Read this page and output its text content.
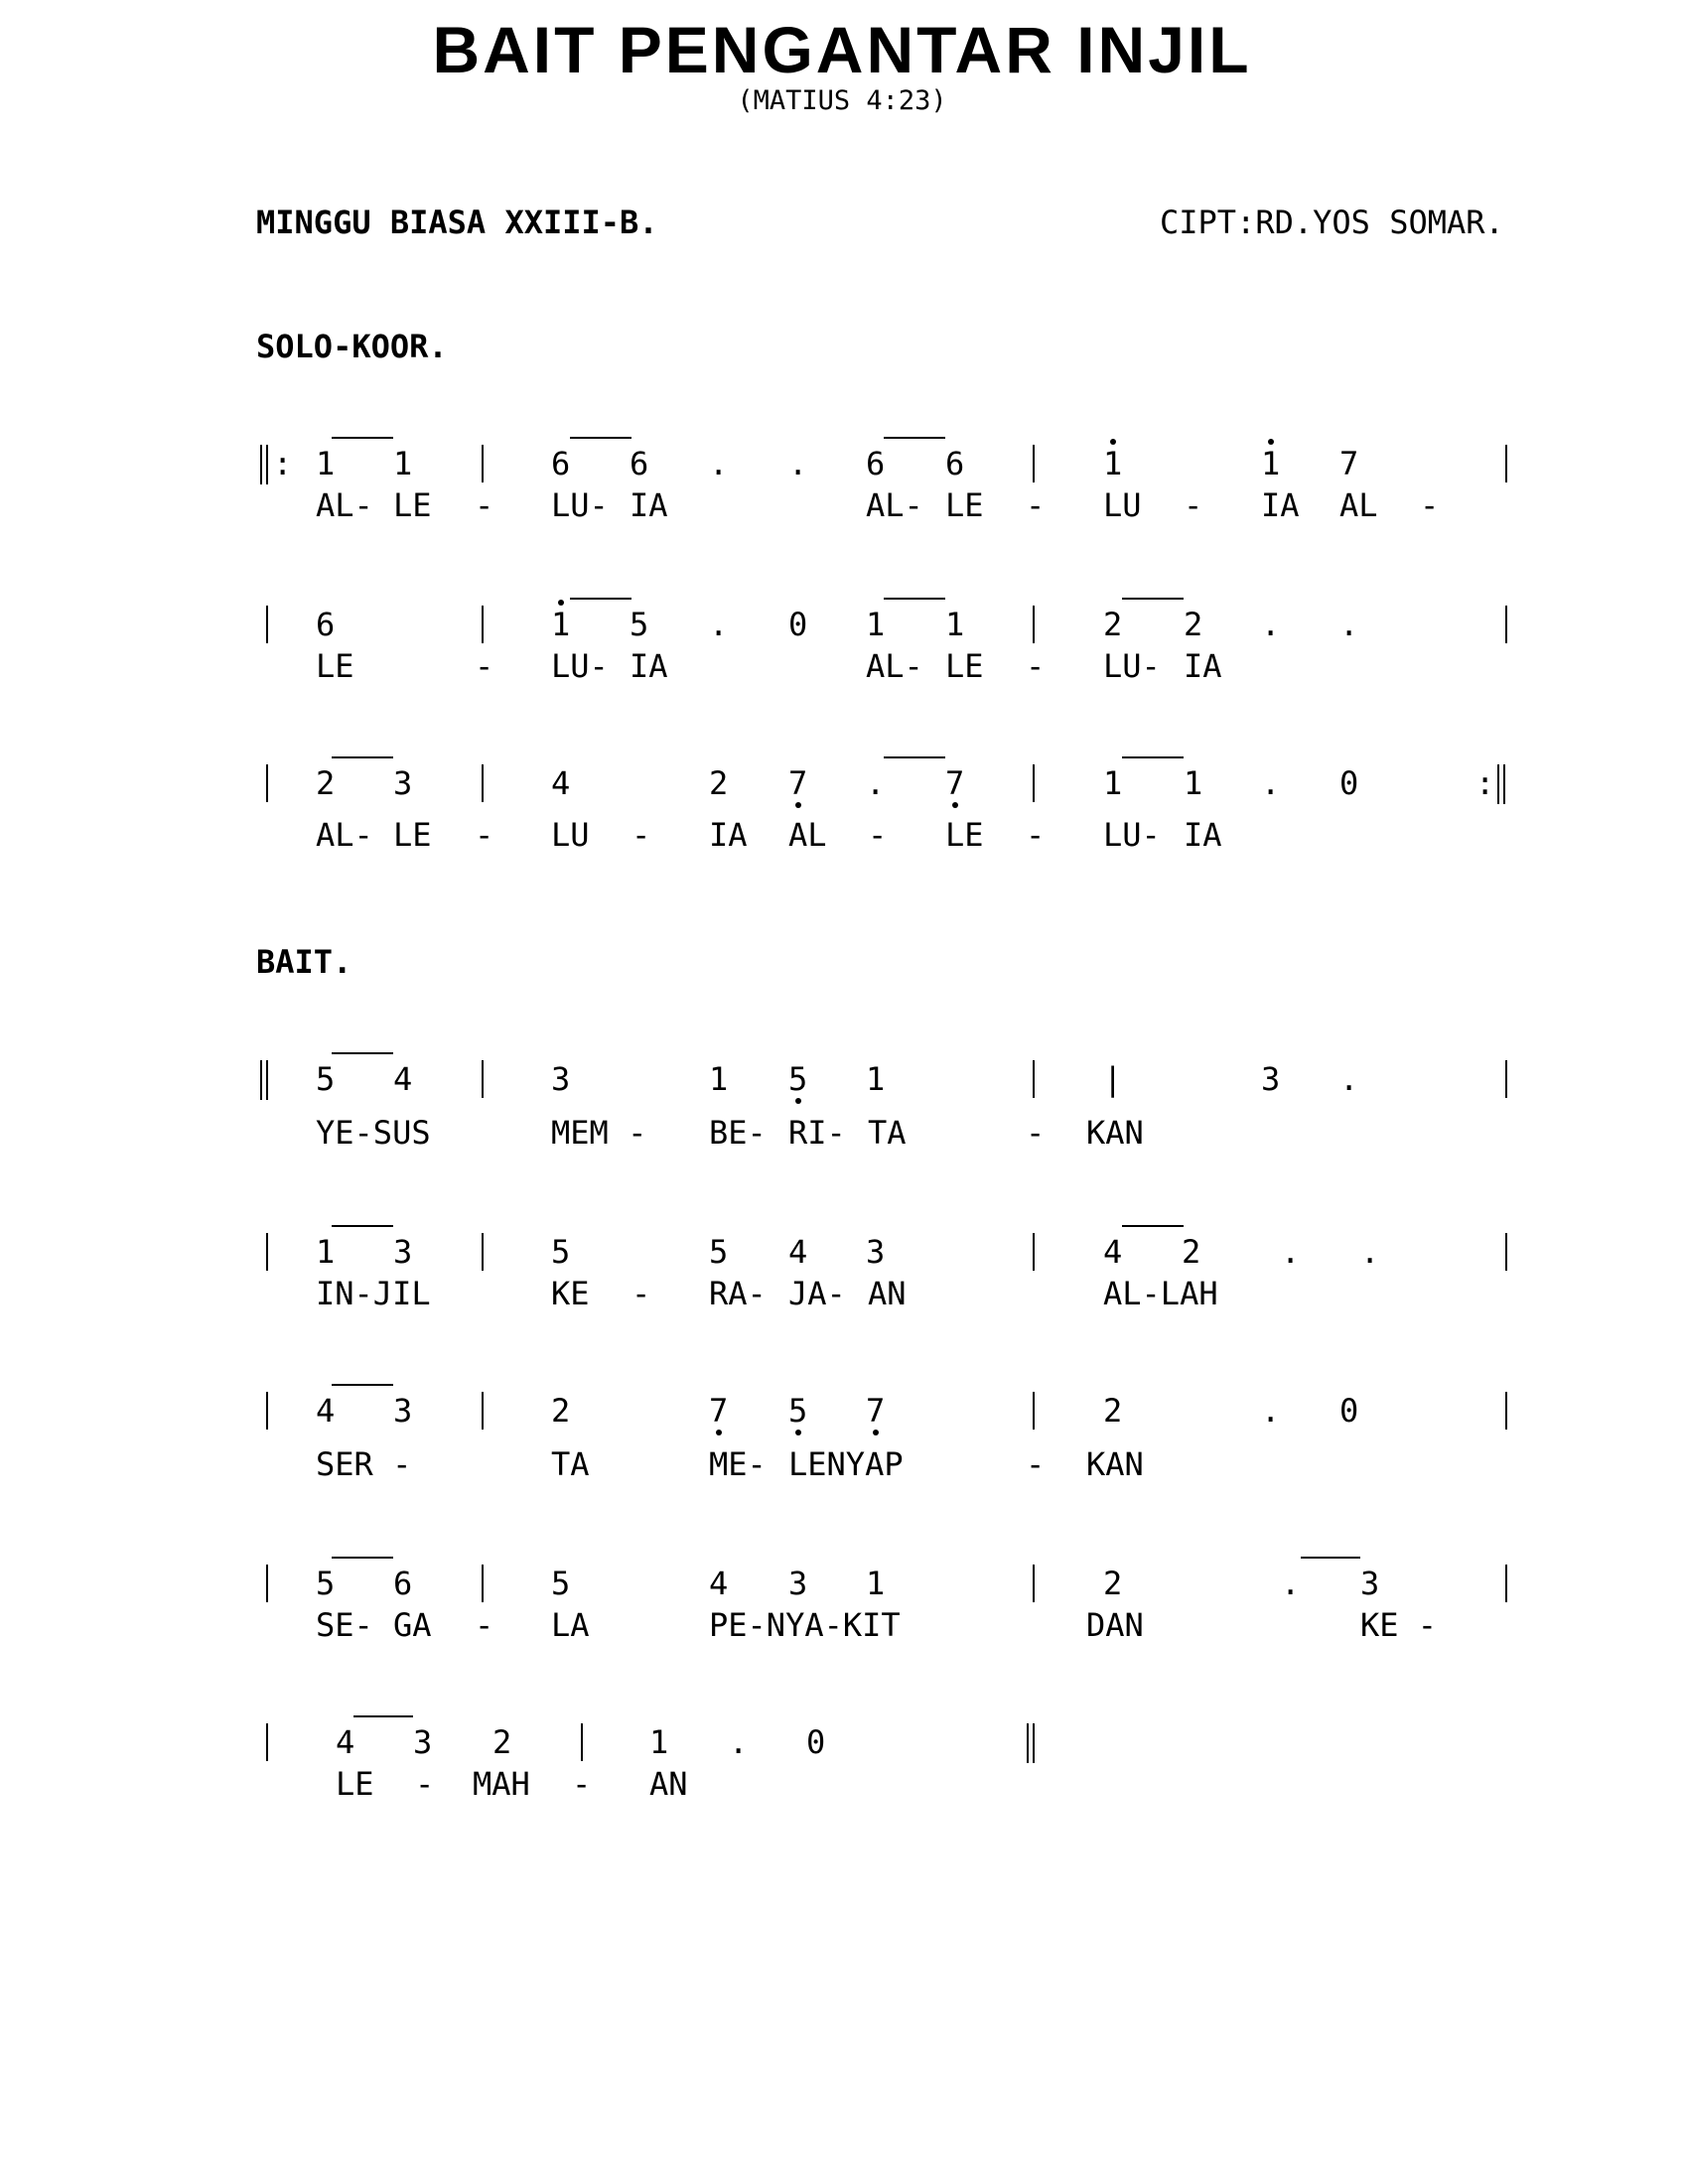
BAIT PENGANTAR INJIL
(MATIUS 4:23)
MINGGU BIASA XXIII-B.	CIPT:RD.YOS SOMAR.
SOLO-KOOR.
BAIT.
: 1 1	6 6 . . 6 6	1	1 7
AL- LE - LU- IA	AL- LE - LU - IA AL -
6	1 5 . 0 1 1	2 2 . .
LE	- LU- IA	AL- LE - LU- IA
2 3	4	2 7 . 7	1 1 . 0	:
AL- LE - LU - IA AL - LE - LU- IA
5 4	3	1 5 1	|	3 .
YE-SUS	MEM - BE- RI- TA	- KAN
1 3	5	5 4 3	4 2	. .
IN-JIL	KE - RA- JA- AN	AL-LAH
4 3	2	7 5 7	2	. 0
SER -	TA	ME- LENYAP	- KAN
5 6	5	4 3 1	2	. 3
SE- GA - LA	PE-NYA-KIT	DAN	KE -
4 3 2	1 . 0
LE - MAH - AN
